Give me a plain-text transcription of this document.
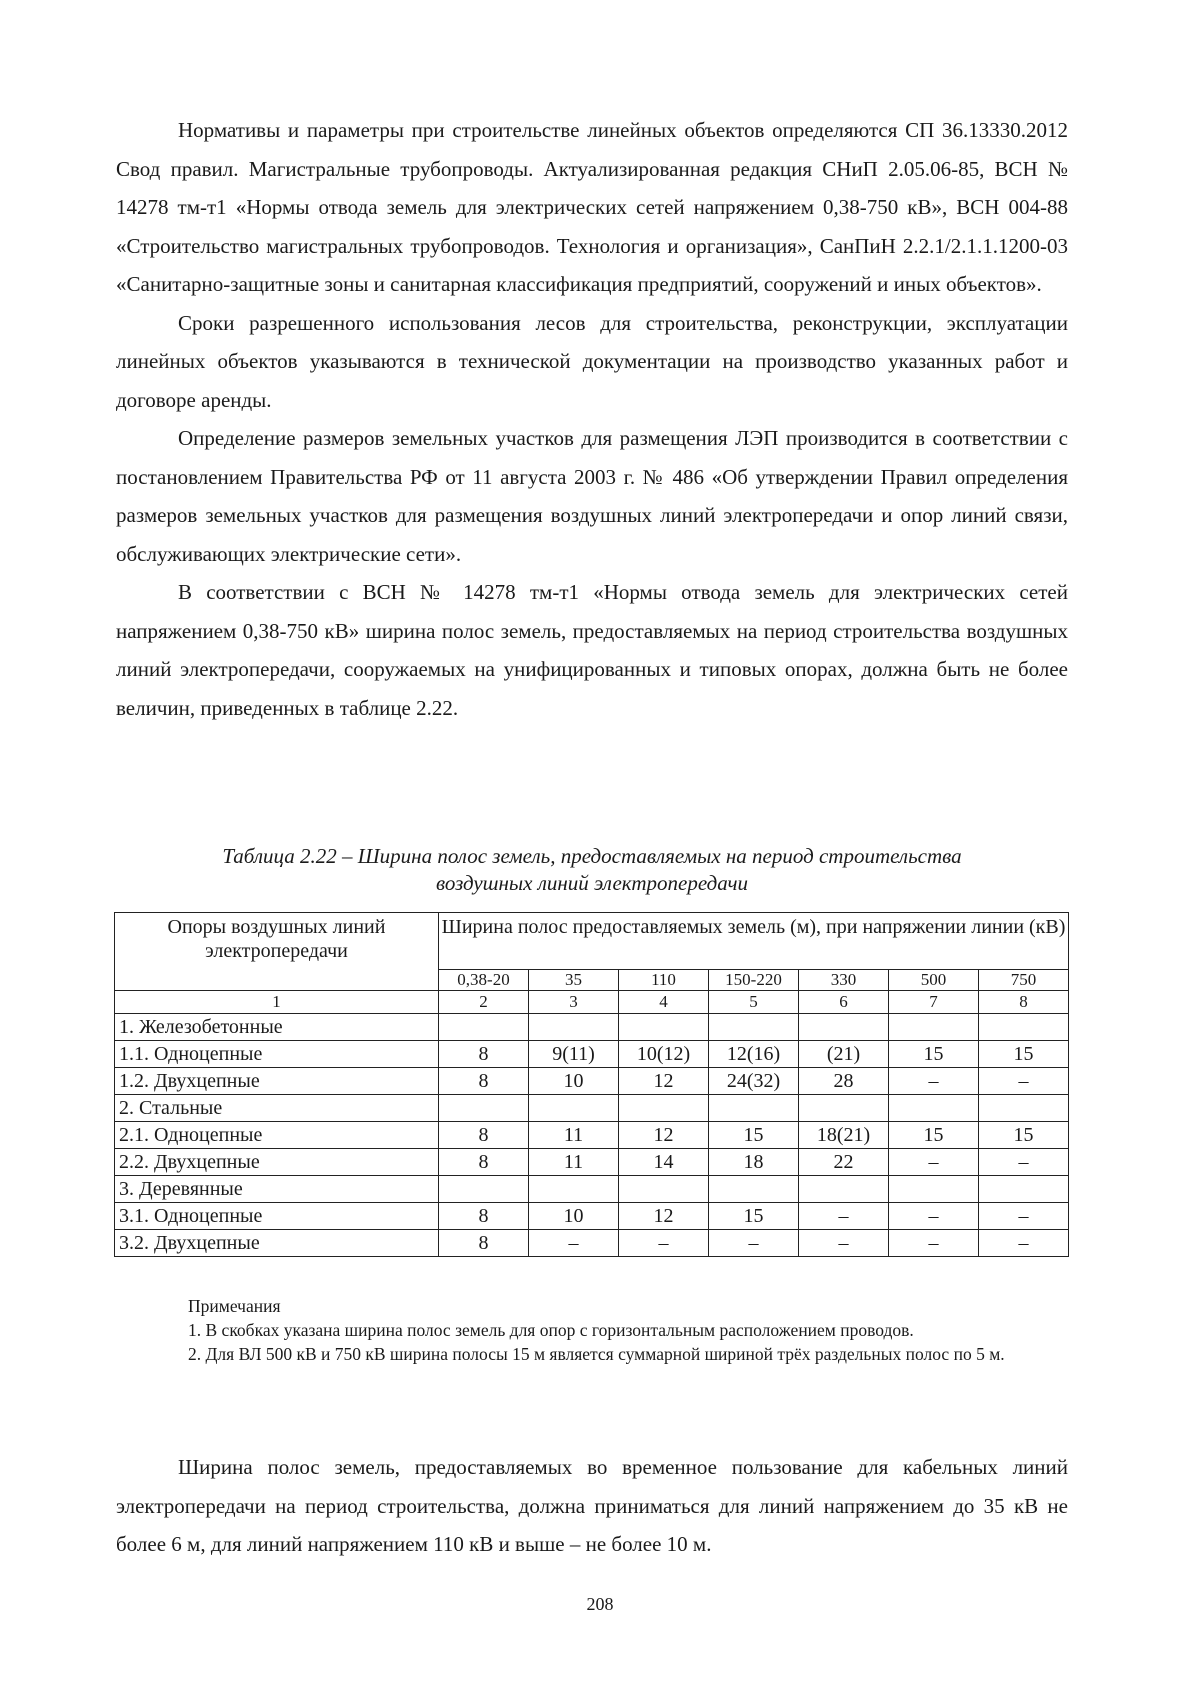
Нормативы и параметры при строительстве линейных объектов определяются СП 36.13330.2012 Свод правил. Магистральные трубопроводы. Актуализированная редакция СНиП 2.05.06-85, ВСН № 14278 тм-т1 «Нормы отвода земель для электрических сетей напряжением 0,38-750 кВ», ВСН 004-88 «Строительство магистральных трубопроводов. Технология и организация», СанПиН 2.2.1/2.1.1.1200-03 «Санитарно-защитные зоны и санитарная классификация предприятий, сооружений и иных объектов».

Сроки разрешенного использования лесов для строительства, реконструкции, эксплуатации линейных объектов указываются в технической документации на производство указанных работ и договоре аренды.

Определение размеров земельных участков для размещения ЛЭП производится в соответствии с постановлением Правительства РФ от 11 августа 2003 г. № 486 «Об утверждении Правил определения размеров земельных участков для размещения воздушных линий электропередачи и опор линий связи, обслуживающих электрические сети».

В соответствии с ВСН № 14278 тм-т1 «Нормы отвода земель для электрических сетей напряжением 0,38-750 кВ» ширина полос земель, предоставляемых на период строительства воздушных линий электропередачи, сооружаемых на унифицированных и типовых опорах, должна быть не более величин, приведенных в таблице 2.22.

Таблица 2.22 – Ширина полос земель, предоставляемых на период строительства
воздушных линий электропередачи
Опоры воздушных линий электропередачи	Ширина полос предоставляемых земель (м), при напряжении линии (кВ)						
	0,38-20	35	110	150-220	330	500	750
1	2	3	4	5	6	7	8
1. Железобетонные							
1.1. Одноцепные	8	9(11)	10(12)	12(16)	(21)	15	15
1.2. Двухцепные	8	10	12	24(32)	28	–	–
2. Стальные							
2.1. Одноцепные	8	11	12	15	18(21)	15	15
2.2. Двухцепные	8	11	14	18	22	–	–
3. Деревянные							
3.1. Одноцепные	8	10	12	15	–	–	–
3.2. Двухцепные	8	–	–	–	–	–	–
Примечания
1. В скобках указана ширина полос земель для опор с горизонтальным расположением проводов.
2. Для ВЛ 500 кВ и 750 кВ ширина полосы 15 м является суммарной шириной трёх раздельных полос по 5 м.

Ширина полос земель, предоставляемых во временное пользование для кабельных линий электропередачи на период строительства, должна приниматься для линий напряжением до 35 кВ не более 6 м, для линий напряжением 110 кВ и выше – не более 10 м.

208
